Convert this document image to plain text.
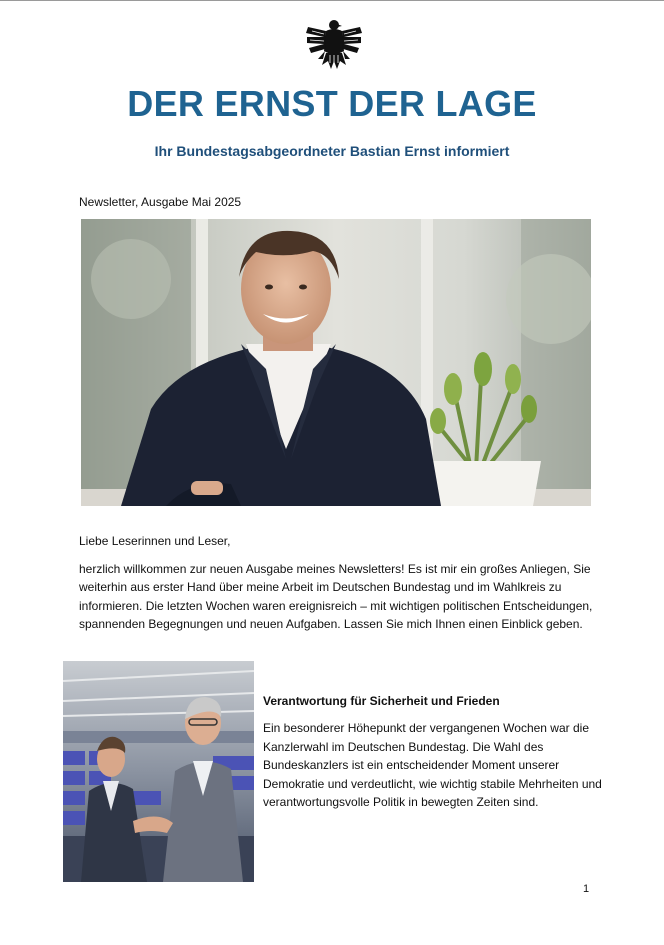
DER ERNST DER LAGE
Ihr Bundestagsabgeordneter Bastian Ernst informiert
Newsletter, Ausgabe Mai 2025
Liebe Leserinnen und Leser,

herzlich willkommen zur neuen Ausgabe meines Newsletters! Es ist mir ein großes Anliegen, Sie weiterhin aus erster Hand über meine Arbeit im Deutschen Bundestag und im Wahlkreis zu informieren. Die letzten Wochen waren ereignisreich – mit wichtigen politischen Entscheidungen, spannenden Begegnungen und neuen Aufgaben. Lassen Sie mich Ihnen einen Einblick geben.

Verantwortung für Sicherheit und Frieden

Ein besonderer Höhepunkt der vergangenen Wochen war die Kanzlerwahl im Deutschen Bundestag. Die Wahl des Bundeskanzlers ist ein entscheidender Moment unserer Demokratie und verdeutlicht, wie wichtig stabile Mehrheiten und verantwortungsvolle Politik in bewegten Zeiten sind.

1
